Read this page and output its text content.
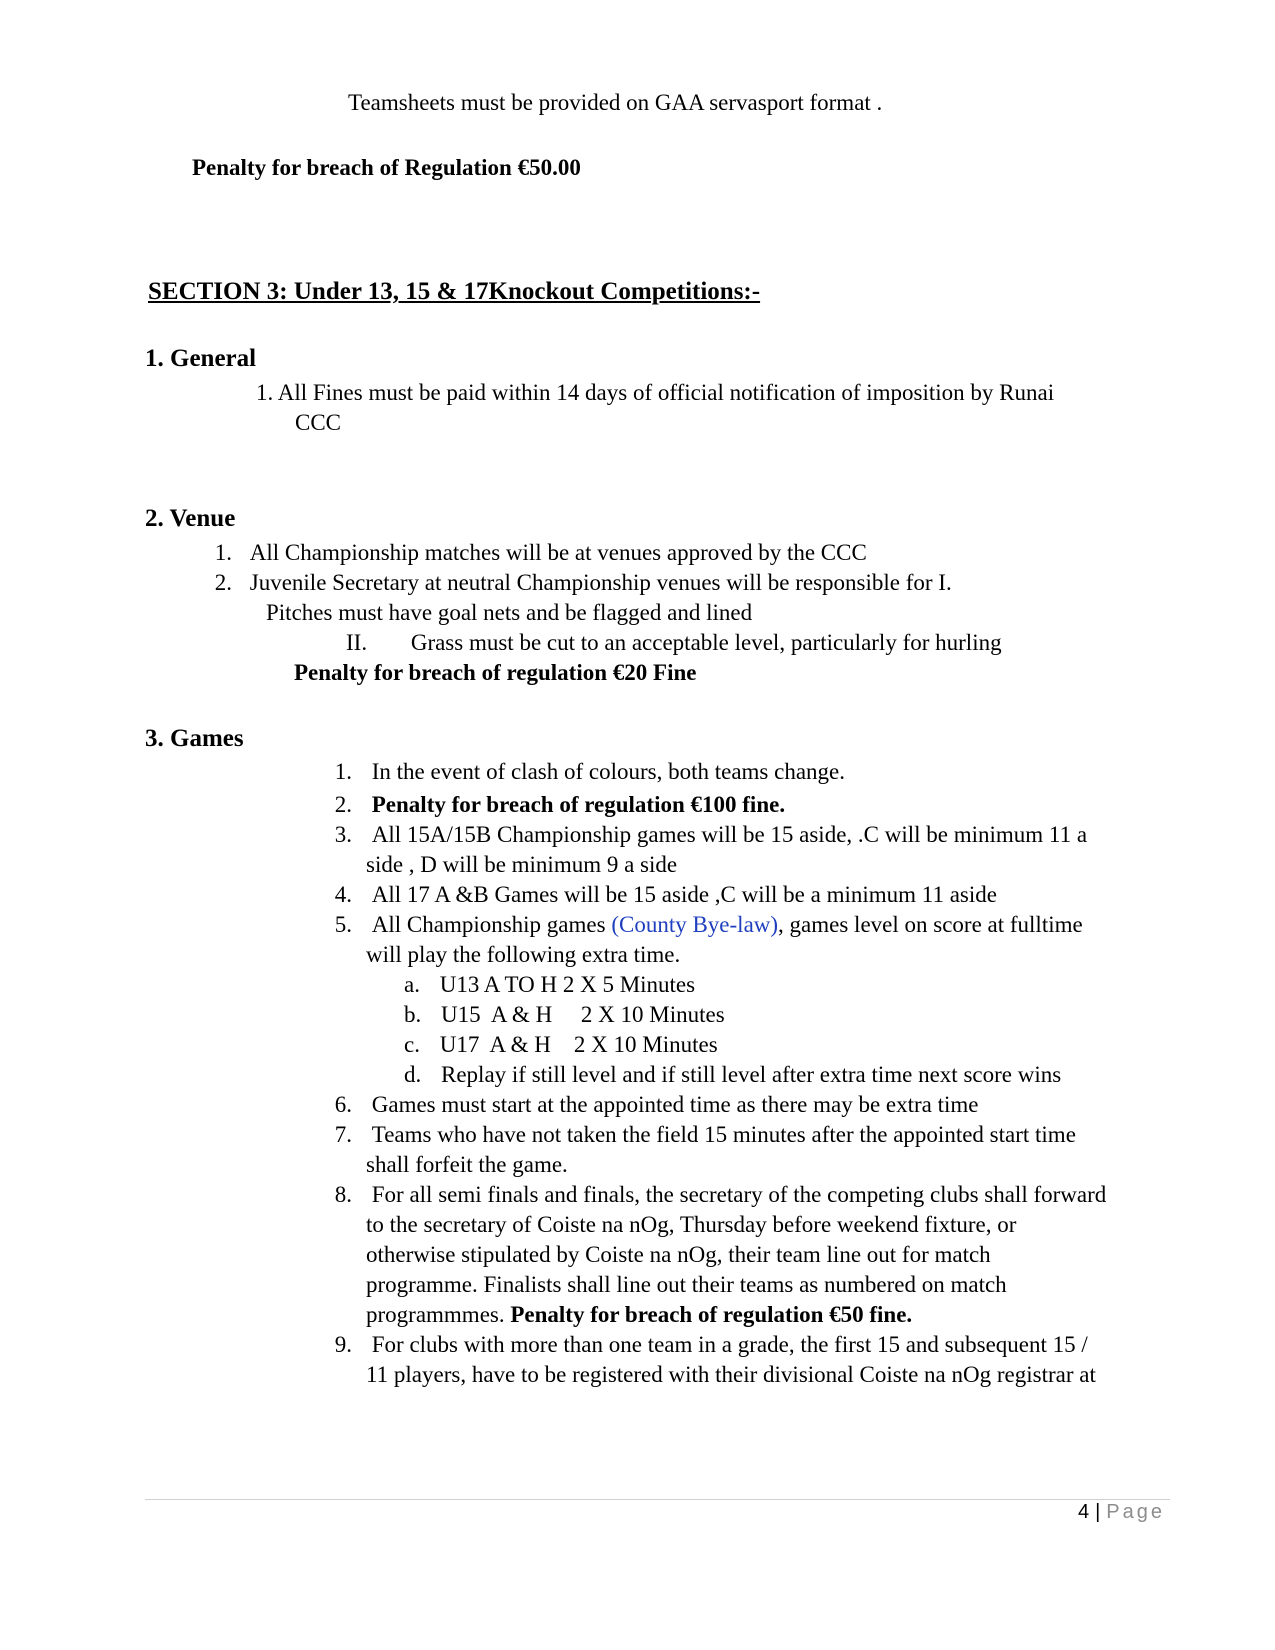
Teamsheets must be provided on GAA servasport format .
Penalty for breach of Regulation €50.00
SECTION 3: Under 13, 15 & 17Knockout Competitions:-
1. General
1. All Fines must be paid within 14 days of official notification of imposition by Runai
CCC
2. Venue
1. All Championship matches will be at venues approved by the CCC
2. Juvenile Secretary at neutral Championship venues will be responsible for I.
Pitches must have goal nets and be flagged and lined
II. Grass must be cut to an acceptable level, particularly for hurling
Penalty for breach of regulation €20 Fine
3. Games
1. In the event of clash of colours, both teams change.
2. Penalty for breach of regulation €100 fine.
3. All 15A/15B Championship games will be 15 aside, .C will be minimum 11 a
side , D will be minimum 9 a side
4. All 17 A &B Games will be 15 aside ,C will be a minimum 11 aside
5. All Championship games (County Bye-law), games level on score at fulltime
will play the following extra time.
a. U13 A TO H 2 X 5 Minutes
b. U15  A & H     2 X 10 Minutes
c. U17  A & H    2 X 10 Minutes
d. Replay if still level and if still level after extra time next score wins
6. Games must start at the appointed time as there may be extra time
7. Teams who have not taken the field 15 minutes after the appointed start time
shall forfeit the game.
8. For all semi finals and finals, the secretary of the competing clubs shall forward
to the secretary of Coiste na nOg, Thursday before weekend fixture, or
otherwise stipulated by Coiste na nOg, their team line out for match
programme. Finalists shall line out their teams as numbered on match
programmmes. Penalty for breach of regulation €50 fine.
9. For clubs with more than one team in a grade, the first 15 and subsequent 15 /
11 players, have to be registered with their divisional Coiste na nOg registrar at
4 | Page
